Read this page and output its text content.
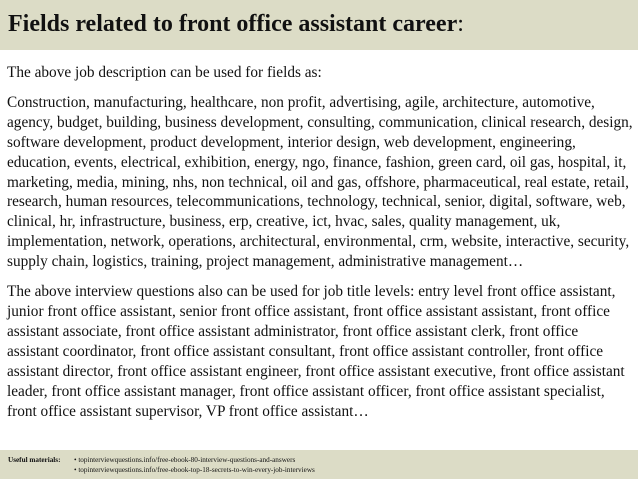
Fields related to front office assistant career:

The above job description can be used for fields as:

Construction, manufacturing, healthcare, non profit, advertising, agile, architecture, automotive, agency, budget, building, business development, consulting, communication, clinical research, design, software development, product development, interior design, web development, engineering, education, events, electrical, exhibition, energy, ngo, finance, fashion, green card, oil gas, hospital, it, marketing, media, mining, nhs, non technical, oil and gas, offshore, pharmaceutical, real estate, retail, research, human resources, telecommunications, technology, technical, senior, digital, software, web, clinical, hr, infrastructure, business, erp, creative, ict, hvac, sales, quality management, uk, implementation, network, operations, architectural, environmental, crm, website, interactive, security, supply chain, logistics, training, project management, administrative management…

The above interview questions also can be used for job title levels: entry level front office assistant, junior front office assistant, senior front office assistant, front office assistant assistant, front office assistant associate, front office assistant administrator, front office assistant clerk, front office assistant coordinator, front office assistant consultant, front office assistant controller, front office assistant director, front office assistant engineer, front office assistant executive, front office assistant leader, front office assistant manager, front office assistant officer, front office assistant specialist, front office assistant supervisor, VP front office assistant…

Useful materials: • topinterviewquestions.info/free-ebook-80-interview-questions-and-answers
• topinterviewquestions.info/free-ebook-top-18-secrets-to-win-every-job-interviews
